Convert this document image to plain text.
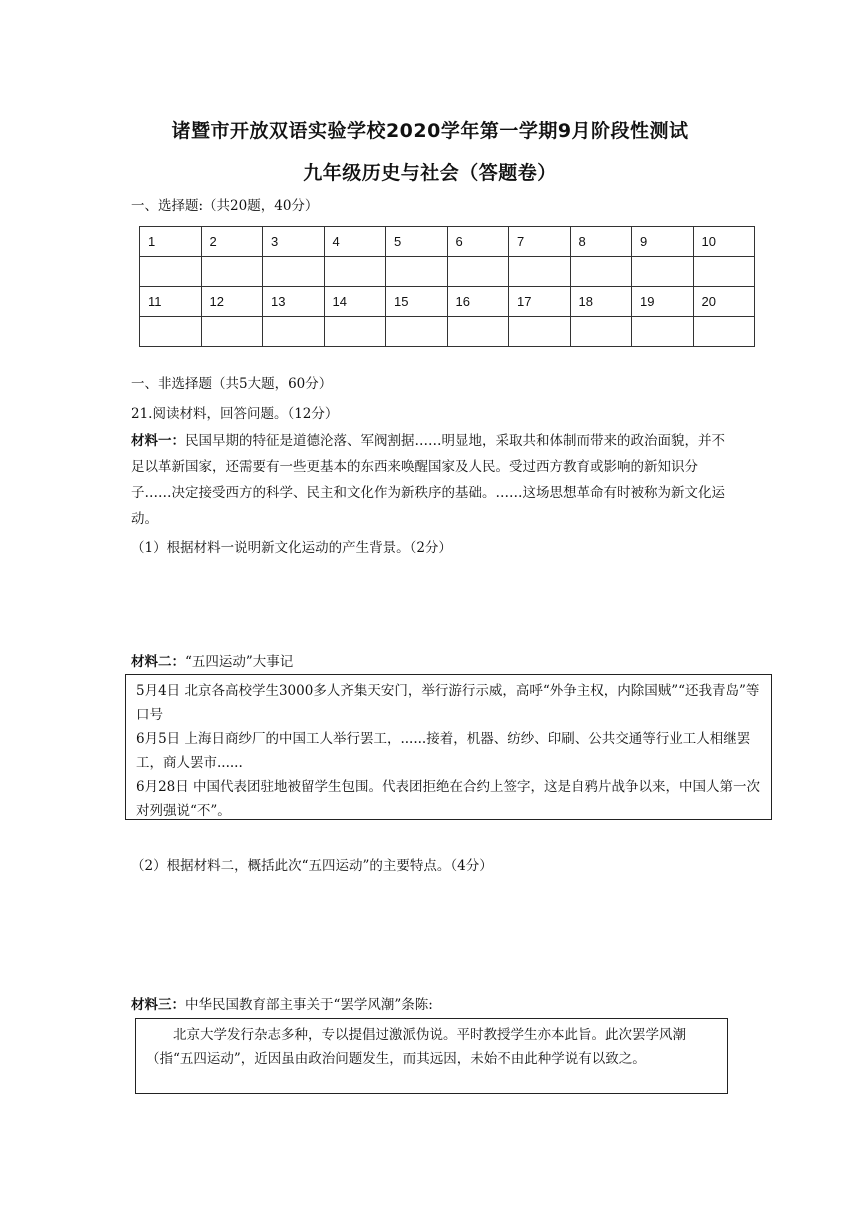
诸暨市开放双语实验学校2020学年第一学期9月阶段性测试
九年级历史与社会（答题卷）
一、选择题:（共20题，40分）
1	2	3	4	5	6	7	8	9	10

11	12	13	14	15	16	17	18	19	20

一、非选择题（共5大题，60分）
21.阅读材料，回答问题。（12分）
材料一：民国早期的特征是道德沦落、军阀割据……明显地，采取共和体制而带来的政治面貌，并不足以革新国家，还需要有一些更基本的东西来唤醒国家及人民。受过西方教育或影响的新知识分子……决定接受西方的科学、民主和文化作为新秩序的基础。……这场思想革命有时被称为新文化运动。
（1）根据材料一说明新文化运动的产生背景。（2分）
材料二：“五四运动”大事记

5月4日 北京各高校学生3000多人齐集天安门，举行游行示威，高呼“外争主权，内除国贼”“还我青岛”等口号

6月5日 上海日商纱厂的中国工人举行罢工，......接着，机器、纺纱、印刷、公共交通等行业工人相继罢工，商人罢市......

6月28日 中国代表团驻地被留学生包围。代表团拒绝在合约上签字，这是自鸦片战争以来，中国人第一次对列强说“不”。

（2）根据材料二，概括此次“五四运动”的主要特点。（4分）
材料三：中华民国教育部主事关于“罢学风潮”条陈:

北京大学发行杂志多种，专以提倡过激派伪说。平时教授学生亦本此旨。此次罢学风潮（指“五四运动”，近因虽由政治问题发生，而其远因，未始不由此种学说有以致之。
